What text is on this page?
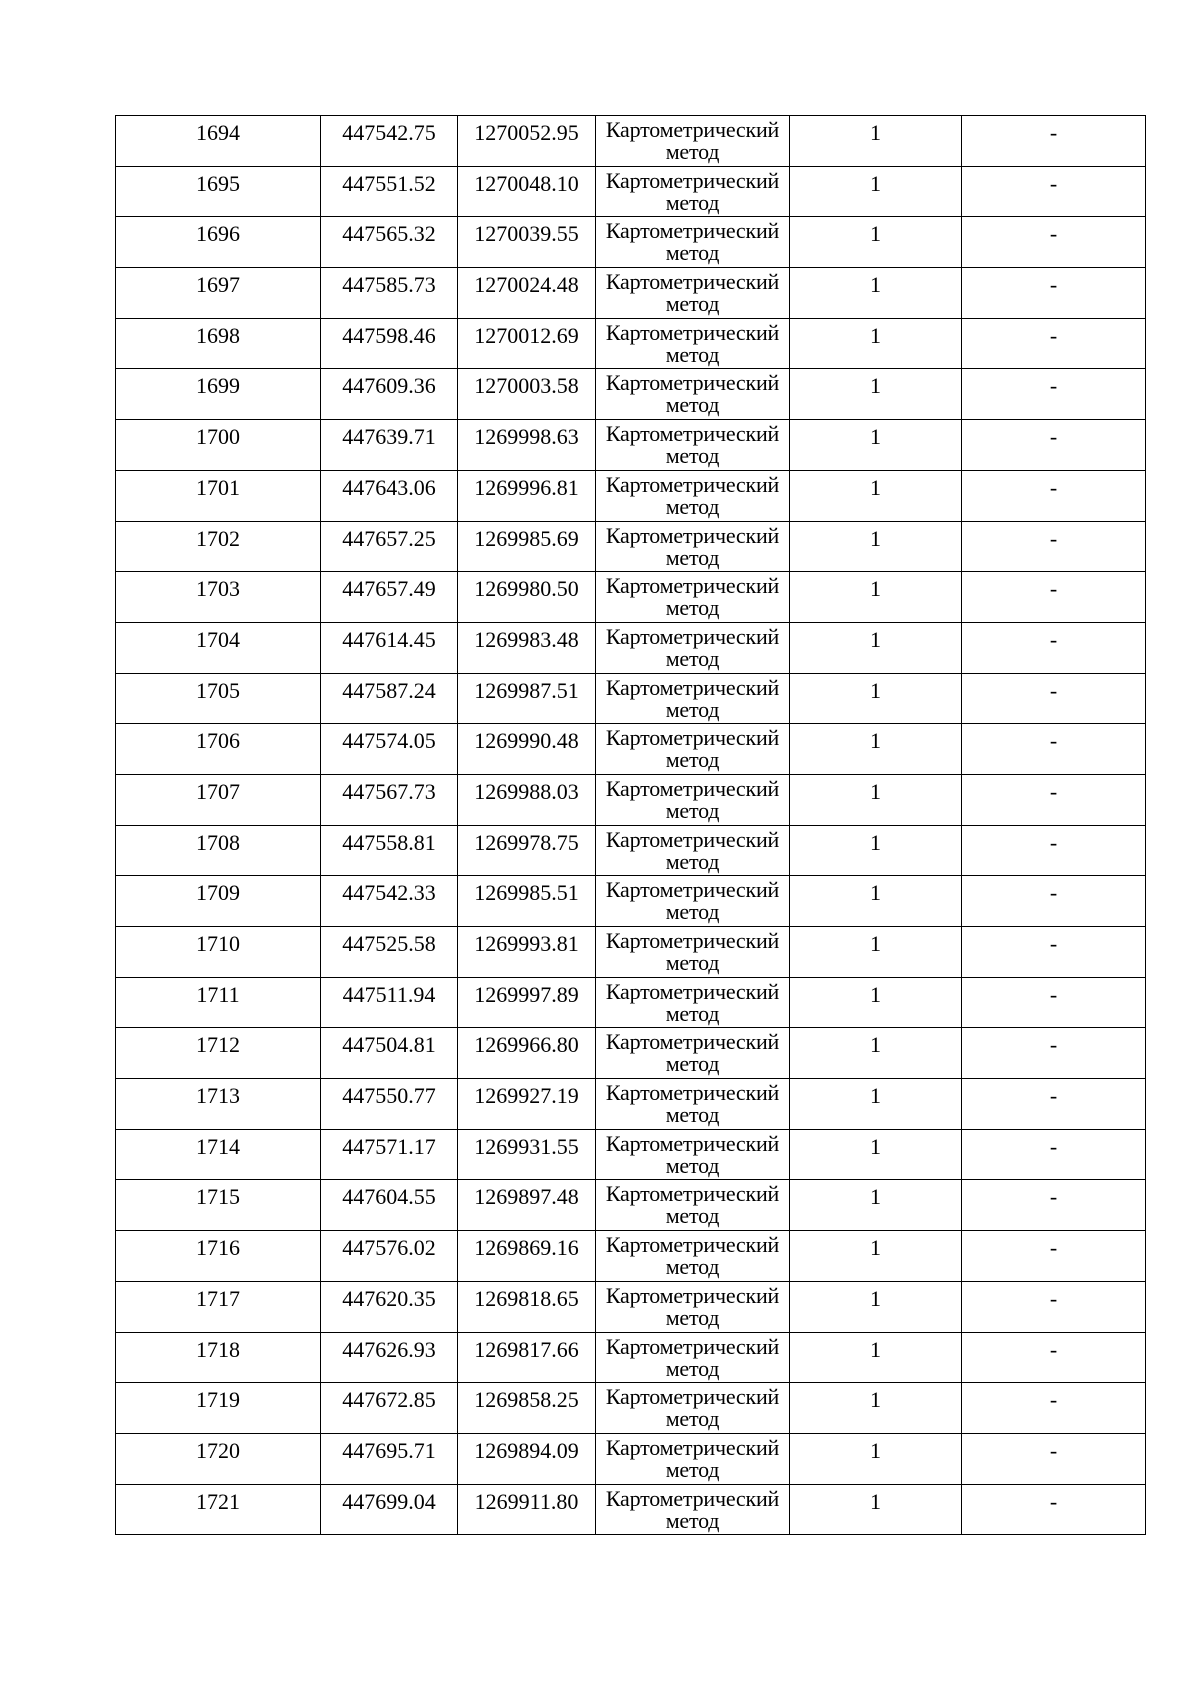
1694	447542.75	1270052.95	Картометрический метод	1	-

1695	447551.52	1270048.10	Картометрический метод	1	-

1696	447565.32	1270039.55	Картометрический метод	1	-

1697	447585.73	1270024.48	Картометрический метод	1	-

1698	447598.46	1270012.69	Картометрический метод	1	-

1699	447609.36	1270003.58	Картометрический метод	1	-

1700	447639.71	1269998.63	Картометрический метод	1	-

1701	447643.06	1269996.81	Картометрический метод	1	-

1702	447657.25	1269985.69	Картометрический метод	1	-

1703	447657.49	1269980.50	Картометрический метод	1	-

1704	447614.45	1269983.48	Картометрический метод	1	-

1705	447587.24	1269987.51	Картометрический метод	1	-

1706	447574.05	1269990.48	Картометрический метод	1	-

1707	447567.73	1269988.03	Картометрический метод	1	-

1708	447558.81	1269978.75	Картометрический метод	1	-

1709	447542.33	1269985.51	Картометрический метод	1	-

1710	447525.58	1269993.81	Картометрический метод	1	-

1711	447511.94	1269997.89	Картометрический метод	1	-

1712	447504.81	1269966.80	Картометрический метод	1	-

1713	447550.77	1269927.19	Картометрический метод	1	-

1714	447571.17	1269931.55	Картометрический метод	1	-

1715	447604.55	1269897.48	Картометрический метод	1	-

1716	447576.02	1269869.16	Картометрический метод	1	-

1717	447620.35	1269818.65	Картометрический метод	1	-

1718	447626.93	1269817.66	Картометрический метод	1	-

1719	447672.85	1269858.25	Картометрический метод	1	-

1720	447695.71	1269894.09	Картометрический метод	1	-

1721	447699.04	1269911.80	Картометрический метод	1	-
